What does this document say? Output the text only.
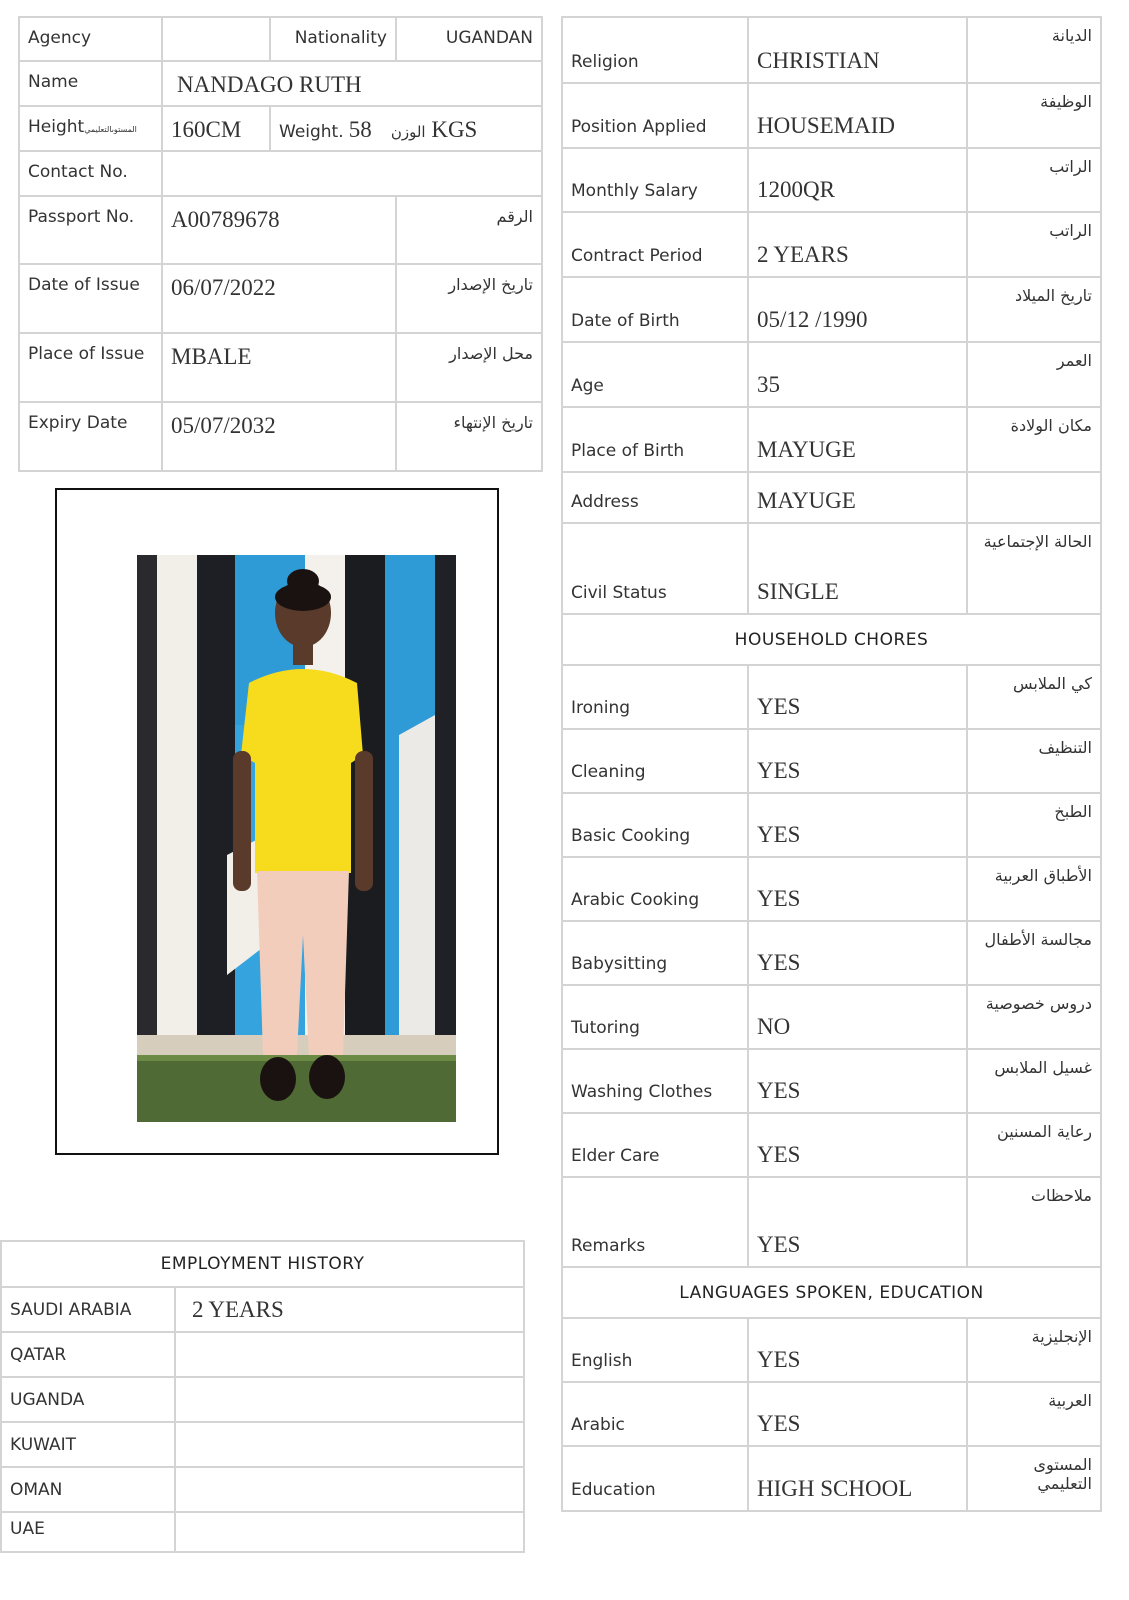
Agency		Nationality	UGANDAN
Name	NANDAGO RUTH		
Heightالمستوىالتعليمي	160CM	Weight. الوزن 58 KGS	
Contact No.			
Passport No.	A00789678		الرقم
Date of Issue	06/07/2022		تاريخ الإصدار
Place of Issue	MBALE		محل الإصدار
Expiry Date	05/07/2032		تاريخ الإنتهاء
EMPLOYMENT HISTORY	
SAUDI ARABIA	2 YEARS
QATAR	
UGANDA	
KUWAIT	
OMAN	
UAE	
Religion	CHRISTIAN	الديانة
Position Applied	HOUSEMAID	الوظيفة
Monthly Salary	1200QR	الراتب
Contract Period	2 YEARS	الراتب
Date of Birth	05/12 /1990	تاريخ الميلاد
Age	35	العمر
Place of Birth	MAYUGE	مكان الولادة
Address	MAYUGE	
Civil Status	SINGLE	الحالة الإجتماعية
HOUSEHOLD CHORES		
Ironing	YES	كي الملابس
Cleaning	YES	التنظيف
Basic Cooking	YES	الطبخ
Arabic Cooking	YES	الأطباق العربية
Babysitting	YES	مجالسة الأطفال
Tutoring	NO	دروس خصوصية
Washing Clothes	YES	غسيل الملابس
Elder Care	YES	رعاية المسنين
Remarks	YES	ملاحظات
LANGUAGES SPOKEN, EDUCATION		
English	YES	الإنجليزية
Arabic	YES	العربية
Education	HIGH SCHOOL	المستوى التعليمي
